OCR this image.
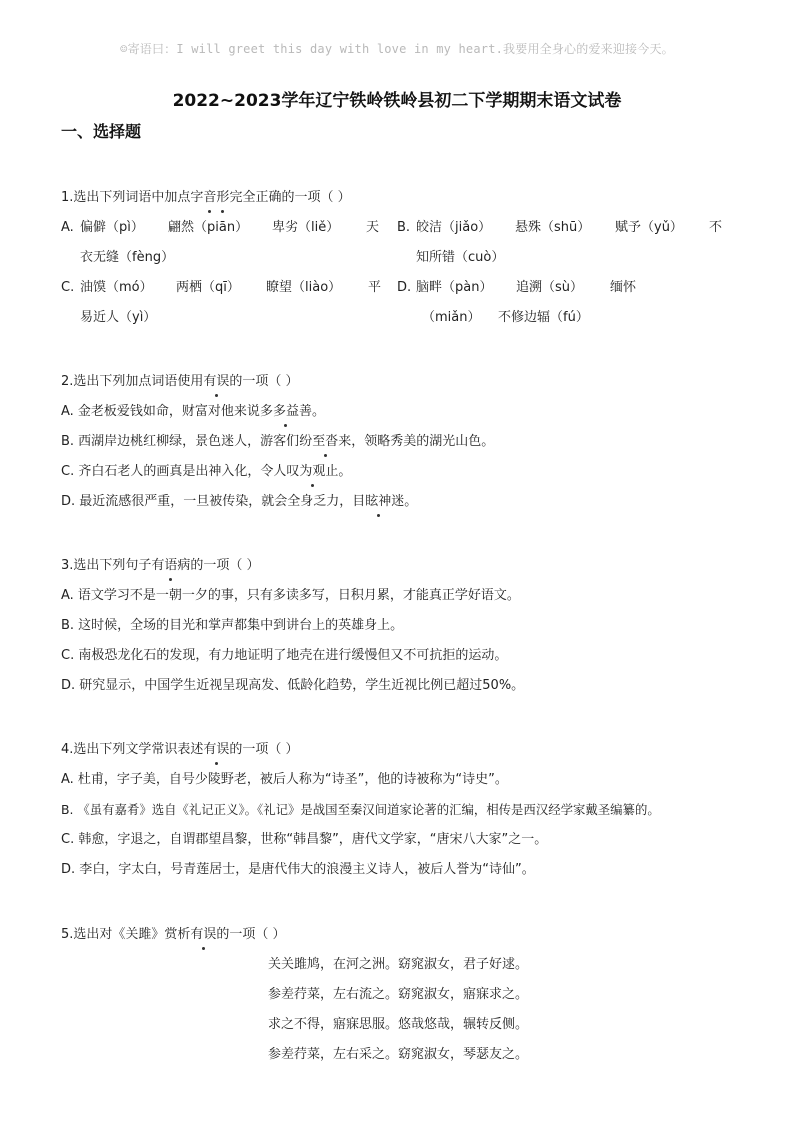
☺寄语曰：I will greet this day with love in my heart.我要用全身心的爱来迎接今天。
2022~2023学年辽宁铁岭铁岭县初二下学期期末语文试卷
一、选择题
1.选出下列词语中加点字音形完全正确的一项（ ）
A. 偏僻（pì） 翩然（piān） 卑劣（liě） 天
衣无缝（fèng）
B. 皎洁（jiǎo） 悬殊（shū） 赋予（yǔ） 不
知所错（cuò）
C. 油馍（mó） 两栖（qī） 瞭望（liào） 平
易近人（yì）
D. 脑畔（pàn） 追溯（sù） 缅怀
（miǎn） 不修边辐（fú）
2.选出下列加点词语使用有误的一项（ ）
A. 金老板爱钱如命，财富对他来说多多益善。
B. 西湖岸边桃红柳绿，景色迷人，游客们纷至沓来，领略秀美的湖光山色。
C. 齐白石老人的画真是出神入化，令人叹为观止。
D. 最近流感很严重，一旦被传染，就会全身乏力，目眩神迷。
3.选出下列句子有语病的一项（ ）
A. 语文学习不是一朝一夕的事，只有多读多写，日积月累，才能真正学好语文。
B. 这时候，全场的目光和掌声都集中到讲台上的英雄身上。
C. 南极恐龙化石的发现，有力地证明了地壳在进行缓慢但又不可抗拒的运动。
D. 研究显示，中国学生近视呈现高发、低龄化趋势，学生近视比例已超过50%。
4.选出下列文学常识表述有误的一项（ ）
A. 杜甫，字子美，自号少陵野老，被后人称为“诗圣”，他的诗被称为“诗史”。
B. 《虽有嘉肴》选自《礼记正义》。《礼记》是战国至秦汉间道家论著的汇编，相传是西汉经学家戴圣编纂的。
C. 韩愈，字退之，自谓郡望昌黎，世称“韩昌黎”，唐代文学家，“唐宋八大家”之一。
D. 李白，字太白，号青莲居士，是唐代伟大的浪漫主义诗人，被后人誉为“诗仙”。
5.选出对《关雎》赏析有误的一项（ ）
关关雎鸠，在河之洲。窈窕淑女，君子好逑。
参差荇菜，左右流之。窈窕淑女，寤寐求之。
求之不得，寤寐思服。悠哉悠哉，辗转反侧。
参差荇菜，左右采之。窈窕淑女，琴瑟友之。
